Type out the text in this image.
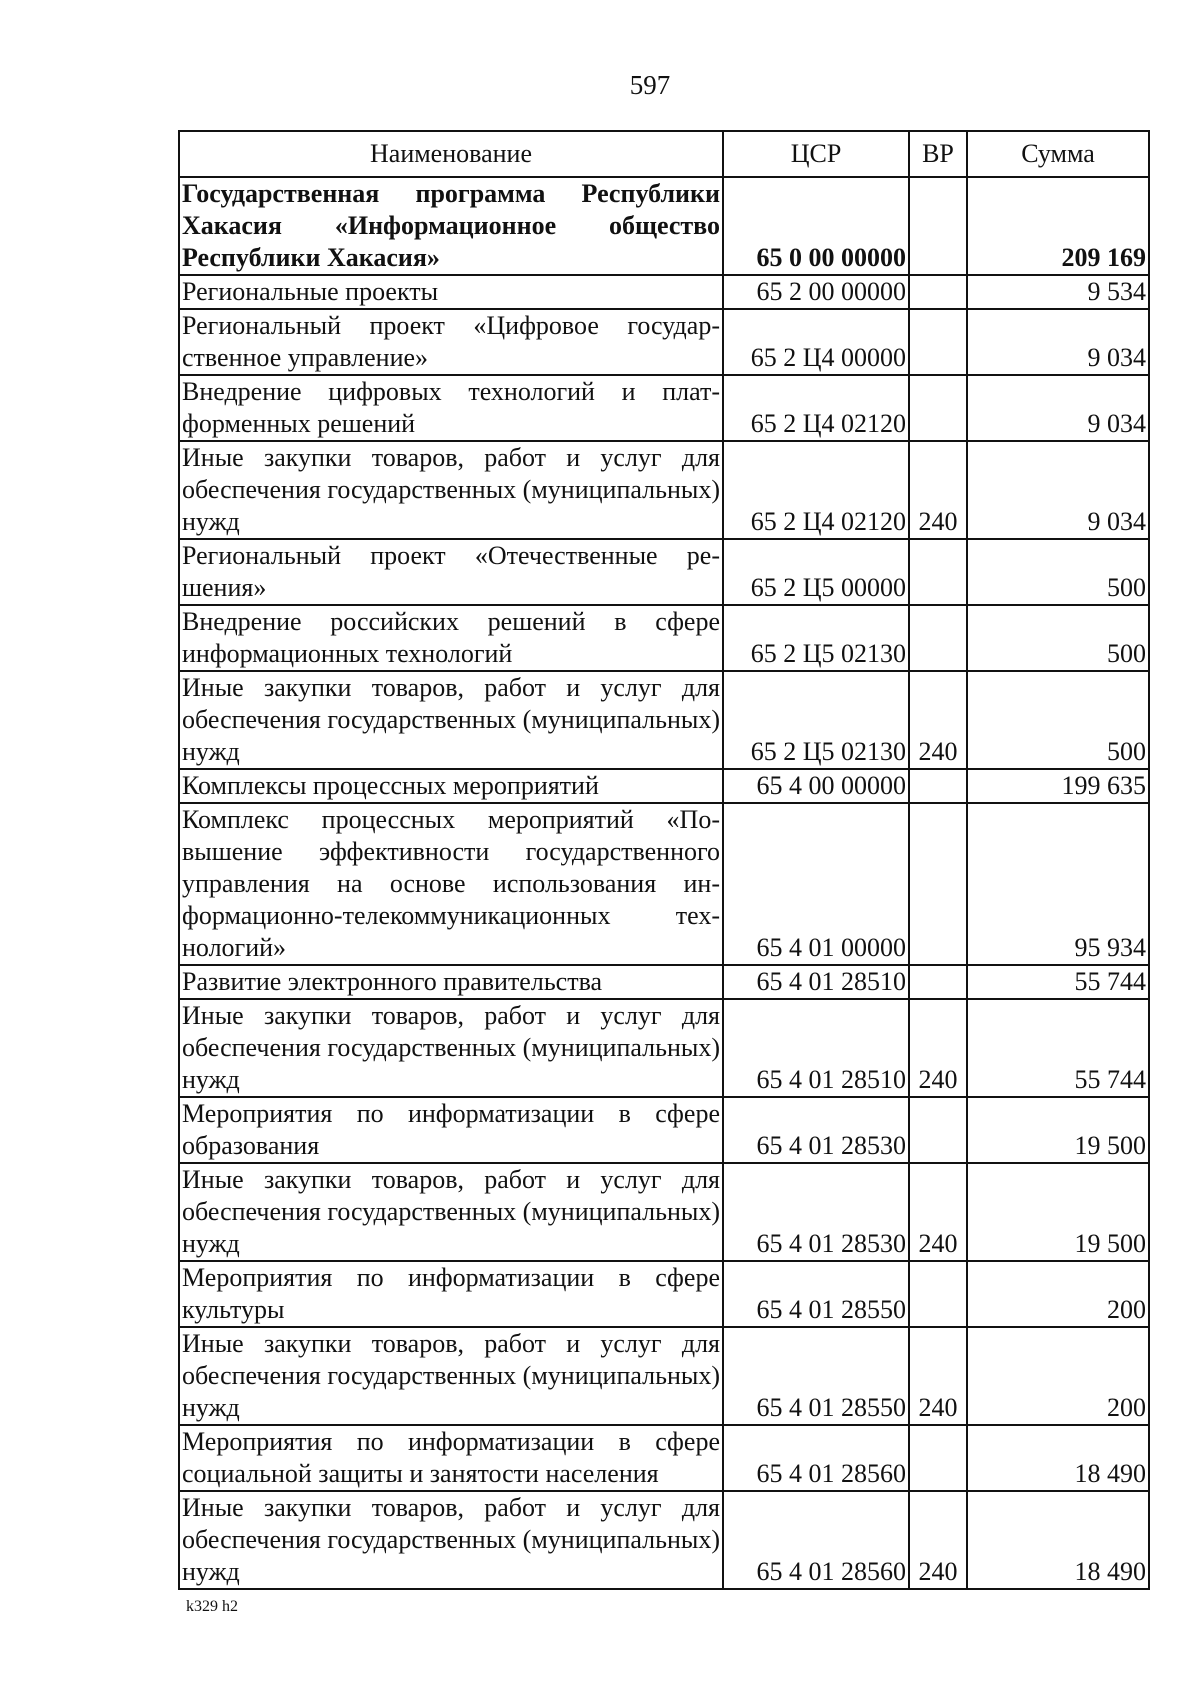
597
Наименование	ЦСР	ВР	Сумма
Государственная программа Республики Хакасия «Информационное общество Республики Хакасия»	65 0 00 00000		209 169
Региональные проекты	65 2 00 00000		9 534
Региональный проект «Цифровое государственное управление»	65 2 Ц4 00000		9 034
Внедрение цифровых технологий и платформенных решений	65 2 Ц4 02120		9 034
Иные закупки товаров, работ и услуг для обеспечения государственных (муниципальных) нужд	65 2 Ц4 02120	240	9 034
Региональный проект «Отечественные решения»	65 2 Ц5 00000		500
Внедрение российских решений в сфере информационных технологий	65 2 Ц5 02130		500
Иные закупки товаров, работ и услуг для обеспечения государственных (муниципальных) нужд	65 2 Ц5 02130	240	500
Комплексы процессных мероприятий	65 4 00 00000		199 635
Комплекс процессных мероприятий «Повышение эффективности государственного управления на основе использования информационно-телекоммуникационных технологий»	65 4 01 00000		95 934
Развитие электронного правительства	65 4 01 28510		55 744
Иные закупки товаров, работ и услуг для обеспечения государственных (муниципальных) нужд	65 4 01 28510	240	55 744
Мероприятия по информатизации в сфере образования	65 4 01 28530		19 500
Иные закупки товаров, работ и услуг для обеспечения государственных (муниципальных) нужд	65 4 01 28530	240	19 500
Мероприятия по информатизации в сфере культуры	65 4 01 28550		200
Иные закупки товаров, работ и услуг для обеспечения государственных (муниципальных) нужд	65 4 01 28550	240	200
Мероприятия по информатизации в сфере социальной защиты и занятости населения	65 4 01 28560		18 490
Иные закупки товаров, работ и услуг для обеспечения государственных (муниципальных) нужд	65 4 01 28560	240	18 490
k329 h2
